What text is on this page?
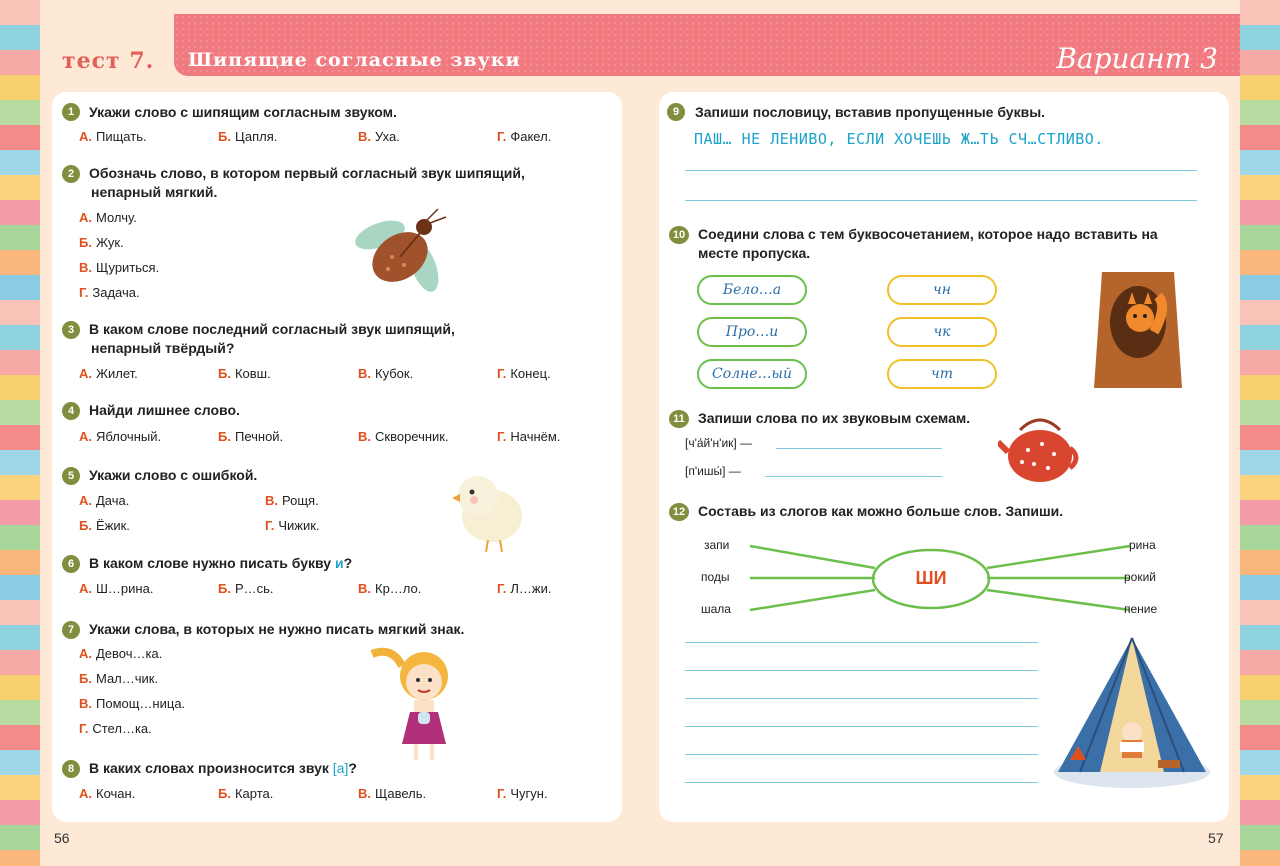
тест 7. Шипящие согласные звуки	Вариант 3
1	Укажи слово с шипящим согласным звуком.
А. Пищать.	Б. Цапля.	В. Уха.	Г. Факел.
2	Обозначь слово, в котором первый согласный звук шипящий,
непарный мягкий.
А. Молчу.
Б. Жук.
В. Щуриться.
Г. Задача.
3	В каком слове последний согласный звук шипящий,
непарный твёрдый?
А. Жилет.	Б. Ковш.	В. Кубок.	Г. Конец.
4	Найди лишнее слово.
А. Яблочный.	Б. Печной.	В. Скворечник.	Г. Начнём.
5	Укажи слово с ошибкой.
А. Дача.	В. Рощя.
Б. Ёжик.	Г. Чижик.
6	В каком слове нужно писать букву и?
А. Ш…рина.	Б. Р…сь.	В. Кр…ло.	Г. Л…жи.
7	Укажи слова, в которых не нужно писать мягкий знак.
А. Девоч…ка.
Б. Мал…чик.
В. Помощ…ница.
Г. Стел…ка.
8	В каких словах произносится звук [а]?
А. Кочан.	Б. Карта.	В. Щавель.	Г. Чугун.
9	Запиши пословицу, вставив пропущенные буквы.
ПАШ… НЕ ЛЕНИВО, ЕСЛИ ХОЧЕШЬ Ж…ТЬ СЧ…СТЛИВО.
10 Соедини слова с тем буквосочетанием, которое надо вставить на
месте пропуска.
Бело…а
Про…и
Солне…ый
чн
чк
чт
11 Запиши слова по их звуковым схемам.
[ч'а́й'н'ик] —
[п'ишы́] —
12 Составь из слогов как можно больше слов. Запиши.
ШИ
запи
поды
шала
рина
рокий
пение
56	57
